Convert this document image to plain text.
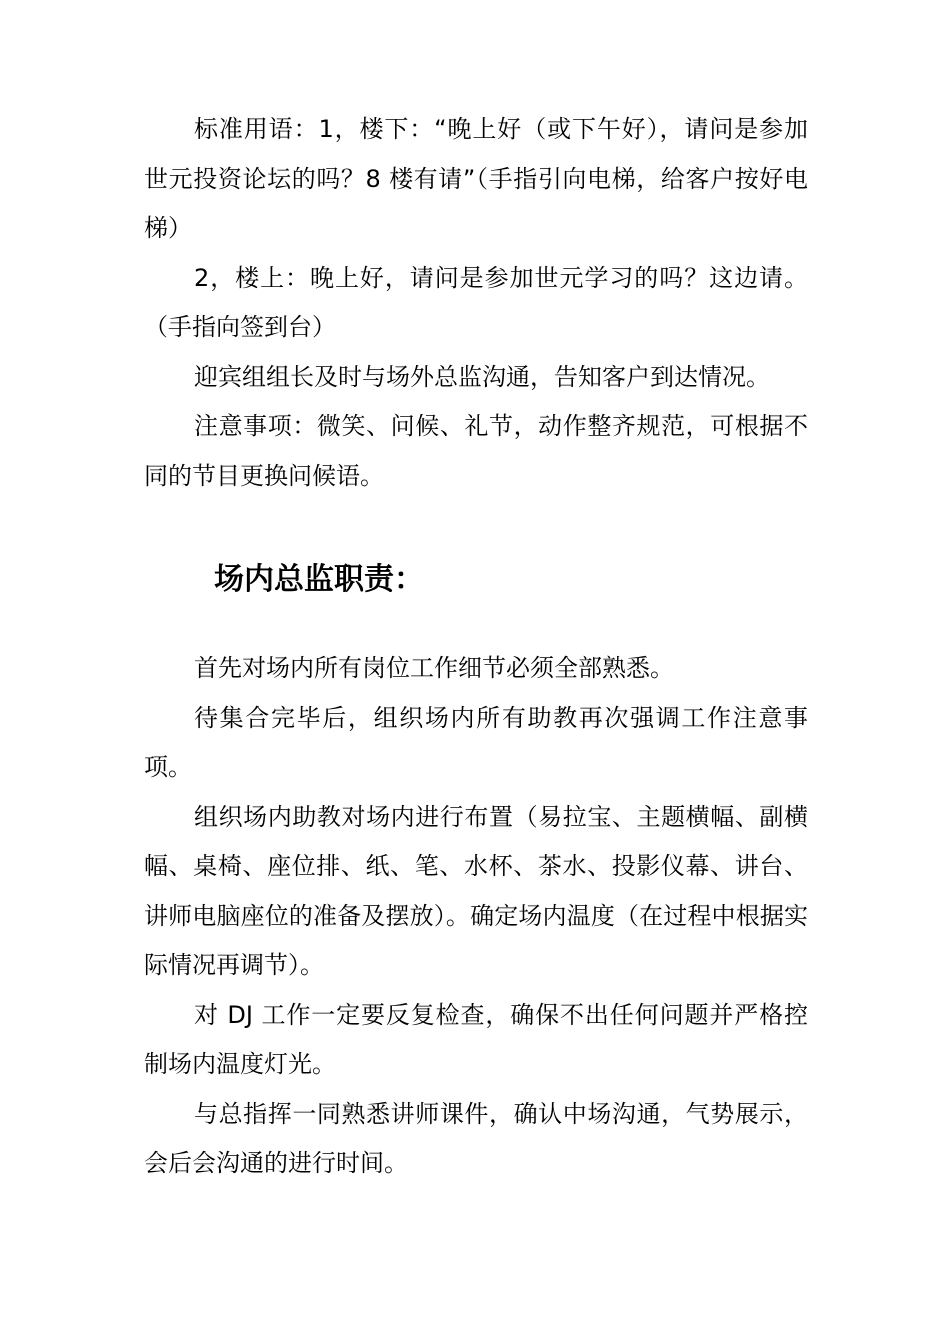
标准用语：1，楼下：“晚上好（或下午好），请问是参加世元投资论坛的吗？8 楼有请”（手指引向电梯，给客户按好电梯）

2，楼上：晚上好，请问是参加世元学习的吗？这边请。（手指向签到台）

迎宾组组长及时与场外总监沟通，告知客户到达情况。

注意事项：微笑、问候、礼节，动作整齐规范，可根据不同的节目更换问候语。

场内总监职责：

首先对场内所有岗位工作细节必须全部熟悉。

待集合完毕后，组织场内所有助教再次强调工作注意事项。

组织场内助教对场内进行布置（易拉宝、主题横幅、副横幅、桌椅、座位排、纸、笔、水杯、茶水、投影仪幕、讲台、讲师电脑座位的准备及摆放）。确定场内温度（在过程中根据实际情况再调节）。

对 DJ 工作一定要反复检查，确保不出任何问题并严格控制场内温度灯光。

与总指挥一同熟悉讲师课件，确认中场沟通，气势展示，会后会沟通的进行时间。
